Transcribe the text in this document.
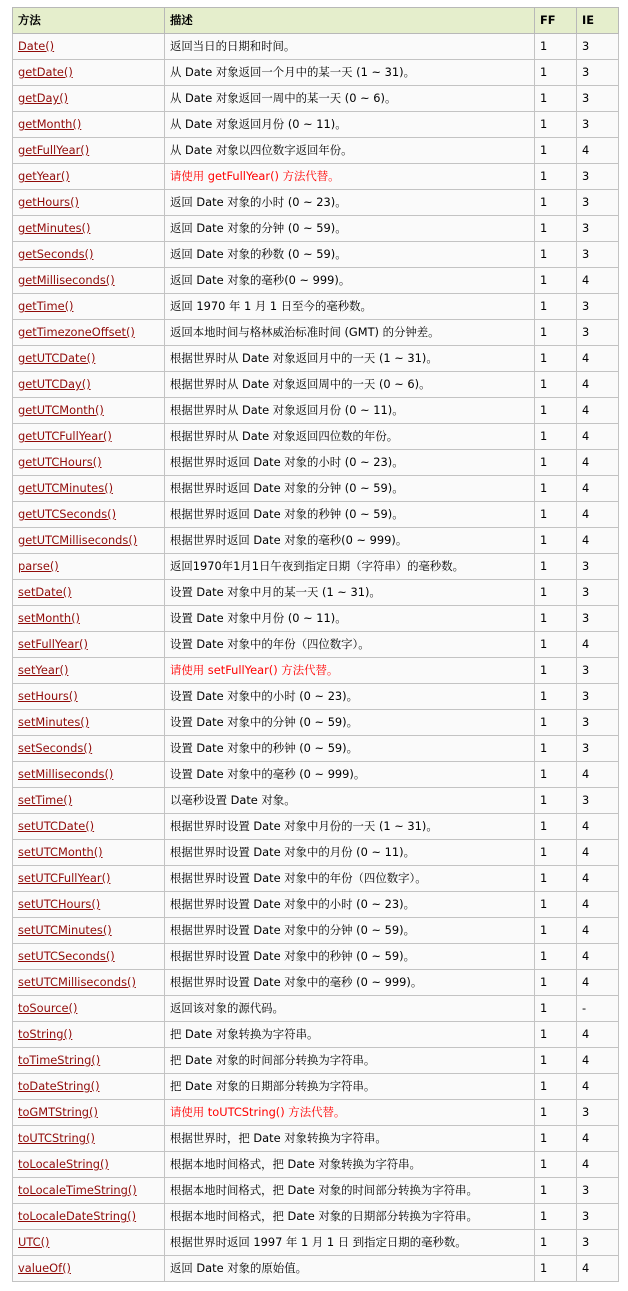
方法	描述	FF	IE
Date()	返回当日的日期和时间。	1	3
getDate()	从 Date 对象返回一个月中的某一天 (1 ~ 31)。	1	3
getDay()	从 Date 对象返回一周中的某一天 (0 ~ 6)。	1	3
getMonth()	从 Date 对象返回月份 (0 ~ 11)。	1	3
getFullYear()	从 Date 对象以四位数字返回年份。	1	4
getYear()	请使用 getFullYear() 方法代替。	1	3
getHours()	返回 Date 对象的小时 (0 ~ 23)。	1	3
getMinutes()	返回 Date 对象的分钟 (0 ~ 59)。	1	3
getSeconds()	返回 Date 对象的秒数 (0 ~ 59)。	1	3
getMilliseconds()	返回 Date 对象的毫秒(0 ~ 999)。	1	4
getTime()	返回 1970 年 1 月 1 日至今的毫秒数。	1	3
getTimezoneOffset()	返回本地时间与格林威治标准时间 (GMT) 的分钟差。	1	3
getUTCDate()	根据世界时从 Date 对象返回月中的一天 (1 ~ 31)。	1	4
getUTCDay()	根据世界时从 Date 对象返回周中的一天 (0 ~ 6)。	1	4
getUTCMonth()	根据世界时从 Date 对象返回月份 (0 ~ 11)。	1	4
getUTCFullYear()	根据世界时从 Date 对象返回四位数的年份。	1	4
getUTCHours()	根据世界时返回 Date 对象的小时 (0 ~ 23)。	1	4
getUTCMinutes()	根据世界时返回 Date 对象的分钟 (0 ~ 59)。	1	4
getUTCSeconds()	根据世界时返回 Date 对象的秒钟 (0 ~ 59)。	1	4
getUTCMilliseconds()	根据世界时返回 Date 对象的毫秒(0 ~ 999)。	1	4
parse()	返回1970年1月1日午夜到指定日期（字符串）的毫秒数。	1	3
setDate()	设置 Date 对象中月的某一天 (1 ~ 31)。	1	3
setMonth()	设置 Date 对象中月份 (0 ~ 11)。	1	3
setFullYear()	设置 Date 对象中的年份（四位数字）。	1	4
setYear()	请使用 setFullYear() 方法代替。	1	3
setHours()	设置 Date 对象中的小时 (0 ~ 23)。	1	3
setMinutes()	设置 Date 对象中的分钟 (0 ~ 59)。	1	3
setSeconds()	设置 Date 对象中的秒钟 (0 ~ 59)。	1	3
setMilliseconds()	设置 Date 对象中的毫秒 (0 ~ 999)。	1	4
setTime()	以毫秒设置 Date 对象。	1	3
setUTCDate()	根据世界时设置 Date 对象中月份的一天 (1 ~ 31)。	1	4
setUTCMonth()	根据世界时设置 Date 对象中的月份 (0 ~ 11)。	1	4
setUTCFullYear()	根据世界时设置 Date 对象中的年份（四位数字）。	1	4
setUTCHours()	根据世界时设置 Date 对象中的小时 (0 ~ 23)。	1	4
setUTCMinutes()	根据世界时设置 Date 对象中的分钟 (0 ~ 59)。	1	4
setUTCSeconds()	根据世界时设置 Date 对象中的秒钟 (0 ~ 59)。	1	4
setUTCMilliseconds()	根据世界时设置 Date 对象中的毫秒 (0 ~ 999)。	1	4
toSource()	返回该对象的源代码。	1	-
toString()	把 Date 对象转换为字符串。	1	4
toTimeString()	把 Date 对象的时间部分转换为字符串。	1	4
toDateString()	把 Date 对象的日期部分转换为字符串。	1	4
toGMTString()	请使用 toUTCString() 方法代替。	1	3
toUTCString()	根据世界时，把 Date 对象转换为字符串。	1	4
toLocaleString()	根据本地时间格式，把 Date 对象转换为字符串。	1	4
toLocaleTimeString()	根据本地时间格式，把 Date 对象的时间部分转换为字符串。	1	3
toLocaleDateString()	根据本地时间格式，把 Date 对象的日期部分转换为字符串。	1	3
UTC()	根据世界时返回 1997 年 1 月 1 日 到指定日期的毫秒数。	1	3
valueOf()	返回 Date 对象的原始值。	1	4
